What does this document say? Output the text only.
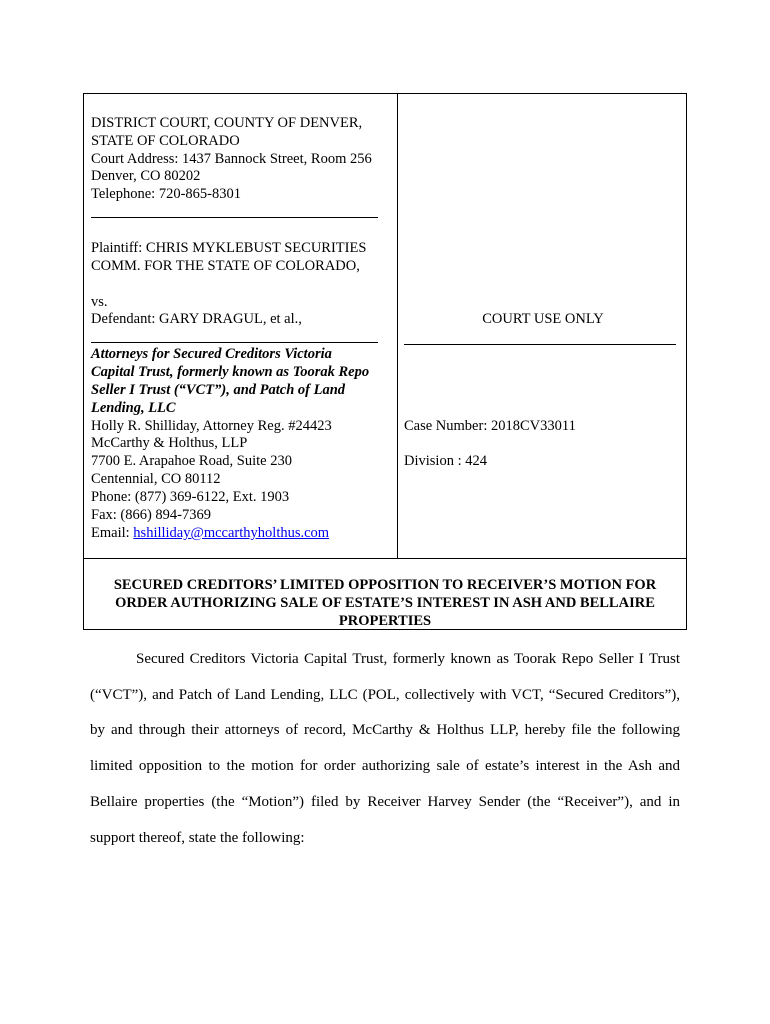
DISTRICT COURT, COUNTY OF DENVER,
STATE OF COLORADO
Court Address: 1437 Bannock Street, Room 256
Denver, CO 80202
Telephone: 720-865-8301
Plaintiff: CHRIS MYKLEBUST SECURITIES
COMM. FOR THE STATE OF COLORADO,
vs.
Defendant: GARY DRAGUL, et al.,
Attorneys for Secured Creditors Victoria
Capital Trust, formerly known as Toorak Repo
Seller I Trust (“VCT”), and Patch of Land
Lending, LLC
Holly R. Shilliday, Attorney Reg. #24423
McCarthy & Holthus, LLP
7700 E. Arapahoe Road, Suite 230
Centennial, CO 80112
Phone: (877) 369-6122, Ext. 1903
Fax: (866) 894-7369
Email: hshilliday@mccarthyholthus.com
COURT USE ONLY
Case Number: 2018CV33011
Division : 424
SECURED CREDITORS’ LIMITED OPPOSITION TO RECEIVER’S MOTION FOR
ORDER AUTHORIZING SALE OF ESTATE’S INTEREST IN ASH AND BELLAIRE
PROPERTIES
Secured Creditors Victoria Capital Trust, formerly known as Toorak Repo Seller I Trust
(“VCT”), and Patch of Land Lending, LLC (POL, collectively with VCT, “Secured Creditors”),
by and through their attorneys of record, McCarthy & Holthus LLP, hereby file the following
limited opposition to the motion for order authorizing sale of estate’s interest in the Ash and
Bellaire properties (the “Motion”) filed by Receiver Harvey Sender (the “Receiver”), and in
support thereof, state the following:
